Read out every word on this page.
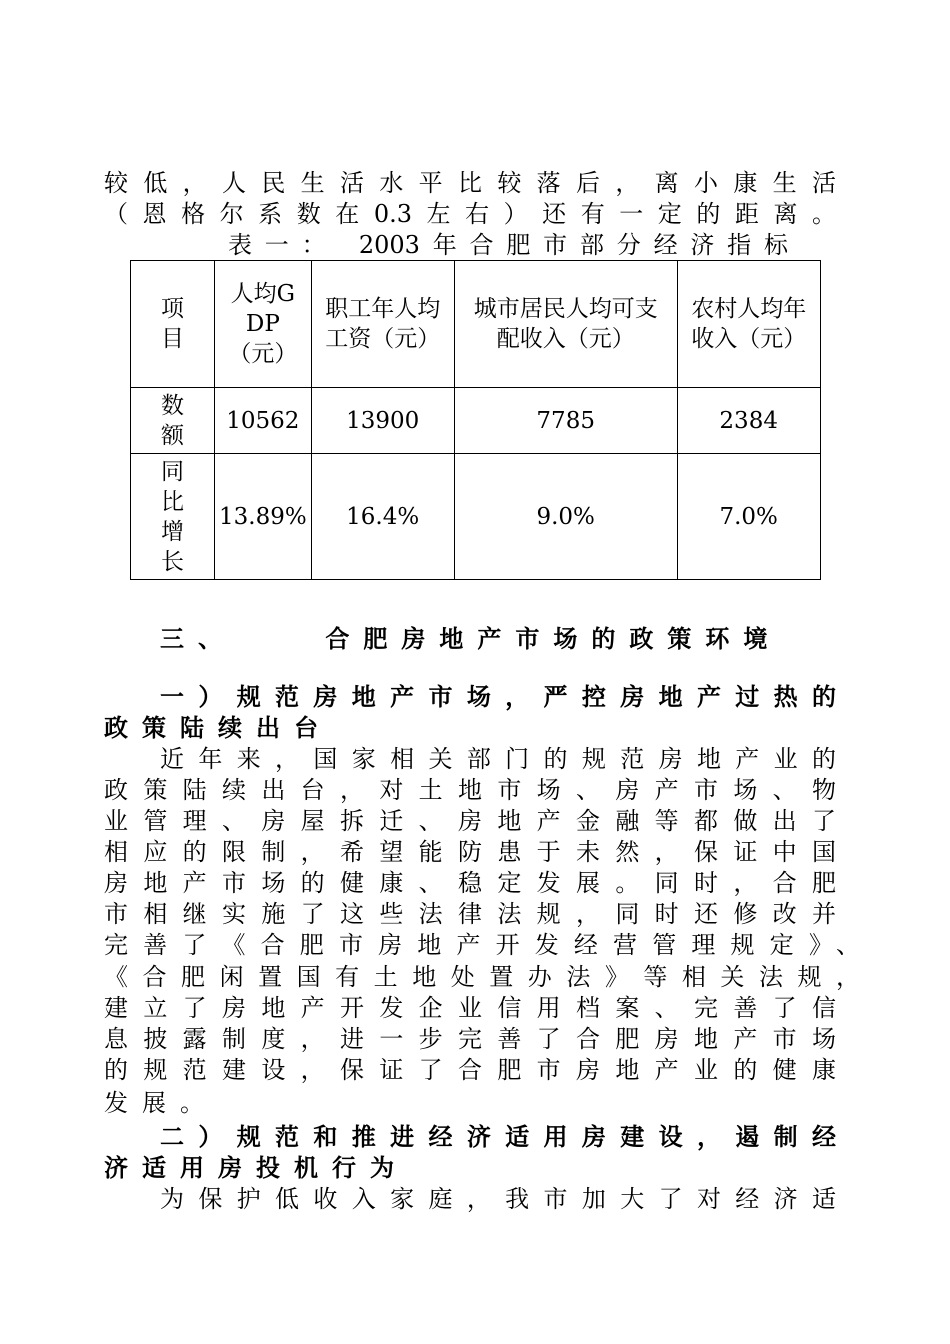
较低，人民生活水平比较落后，离小康生活
（恩格尔系数在0.3左右）还有一定的距离。
表一： 2003年合肥市部分经济指标
项目	人均GDP（元）	职工年人均工资（元）	城市居民人均可支配收入（元）	农村人均年收入（元）
数额	10562	13900	7785	2384
同比增长	13.89%	16.4%	9.0%	7.0%
三、    合肥房地产市场的政策环境
一）规范房地产市场，严控房地产过热的
政策陆续出台
近年来，国家相关部门的规范房地产业的
政策陆续出台，对土地市场、房产市场、物
业管理、房屋拆迁、房地产金融等都做出了
相应的限制，希望能防患于未然，保证中国
房地产市场的健康、稳定发展。同时，合肥
市相继实施了这些法律法规，同时还修改并
完善了《合肥市房地产开发经营管理规定》、
《合肥闲置国有土地处置办法》等相关法规，
建立了房地产开发企业信用档案、完善了信
息披露制度，进一步完善了合肥房地产市场
的规范建设，保证了合肥市房地产业的健康
发展。
二）规范和推进经济适用房建设，遏制经
济适用房投机行为
为保护低收入家庭，我市加大了对经济适
